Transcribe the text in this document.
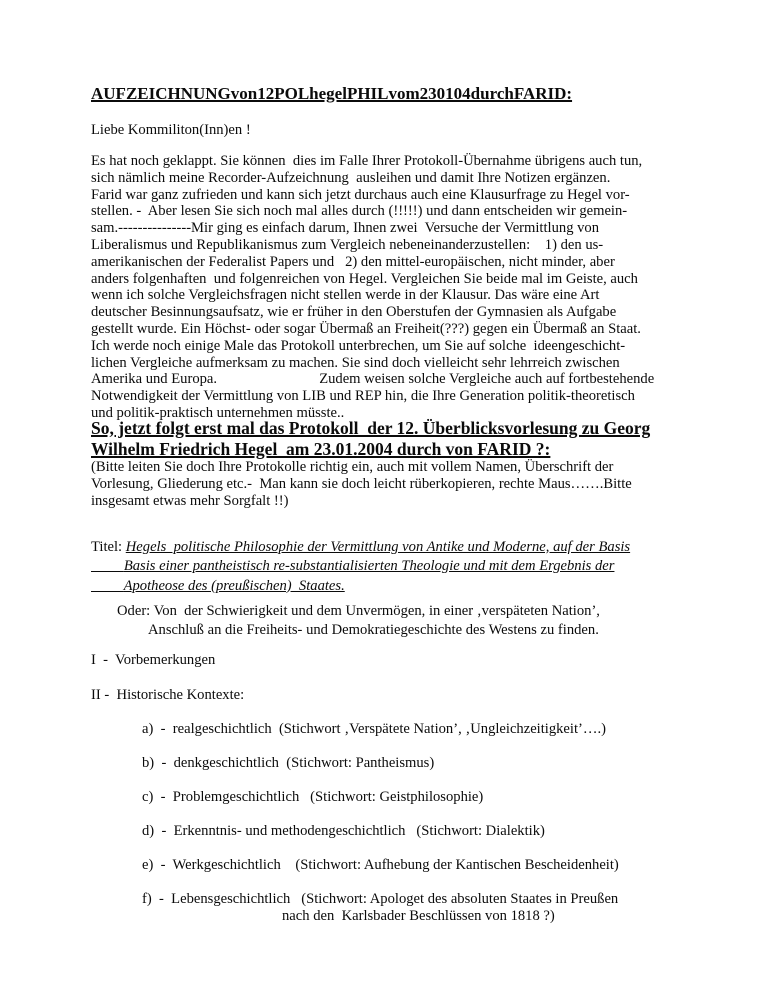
AUFZEICHNUNGvon12POLhegelPHILvom230104durchFARID:
Liebe Kommiliton(Inn)en !
Es hat noch geklappt. Sie können  dies im Falle Ihrer Protokoll-Übernahme übrigens auch tun,
sich nämlich meine Recorder-Aufzeichnung  ausleihen und damit Ihre Notizen ergänzen.
Farid war ganz zufrieden und kann sich jetzt durchaus auch eine Klausurfrage zu Hegel vor-
stellen. -  Aber lesen Sie sich noch mal alles durch (!!!!!) und dann entscheiden wir gemein-
sam.---------------Mir ging es einfach darum, Ihnen zwei  Versuche der Vermittlung von
Liberalismus und Republikanismus zum Vergleich nebeneinanderzustellen:    1) den us-
amerikanischen der Federalist Papers und   2) den mittel-europäischen, nicht minder, aber
anders folgenhaften  und folgenreichen von Hegel. Vergleichen Sie beide mal im Geiste, auch
wenn ich solche Vergleichsfragen nicht stellen werde in der Klausur. Das wäre eine Art
deutscher Besinnungsaufsatz, wie er früher in den Oberstufen der Gymnasien als Aufgabe
gestellt wurde. Ein Höchst- oder sogar Übermaß an Freiheit(???) gegen ein Übermaß an Staat.
Ich werde noch einige Male das Protokoll unterbrechen, um Sie auf solche  ideengeschicht-
lichen Vergleiche aufmerksam zu machen. Sie sind doch vielleicht sehr lehrreich zwischen
Amerika und Europa.                            Zudem weisen solche Vergleiche auch auf fortbestehende
Notwendigkeit der Vermittlung von LIB und REP hin, die Ihre Generation politik-theoretisch
und politik-praktisch unternehmen müsste..
So, jetzt folgt erst mal das Protokoll  der 12. Überblicksvorlesung zu Georg
Wilhelm Friedrich Hegel  am 23.01.2004 durch von FARID ?:
(Bitte leiten Sie doch Ihre Protokolle richtig ein, auch mit vollem Namen, Überschrift der
Vorlesung, Gliederung etc.-  Man kann sie doch leicht rüberkopieren, rechte Maus…….Bitte
insgesamt etwas mehr Sorgfalt !!)
Titel: Hegels  politische Philosophie der Vermittlung von Antike und Moderne, auf der Basis
Basis einer pantheistisch re-substantialisierten Theologie und mit dem Ergebnis der
Apotheose des (preußischen)  Staates.
Oder: Von  der Schwierigkeit und dem Unvermögen, in einer ‚verspäteten Nation’,
Anschluß an die Freiheits- und Demokratiegeschichte des Westens zu finden.
I  -  Vorbemerkungen
II -  Historische Kontexte:
a)  -  realgeschichtlich  (Stichwort ‚Verspätete Nation’, ‚Ungleichzeitigkeit’….)
b)  -  denkgeschichtlich  (Stichwort: Pantheismus)
c)  -  Problemgeschichtlich   (Stichwort: Geistphilosophie)
d)  -  Erkenntnis- und methodengeschichtlich   (Stichwort: Dialektik)
e)  -  Werkgeschichtlich    (Stichwort: Aufhebung der Kantischen Bescheidenheit)
f)  -  Lebensgeschichtlich   (Stichwort: Apologet des absoluten Staates in Preußen
nach den  Karlsbader Beschlüssen von 1818 ?)
